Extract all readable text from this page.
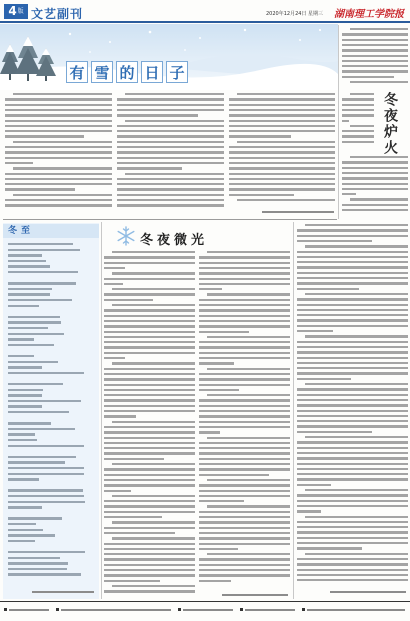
4 版 文艺副刊	2020年12月24日 星期三 湖南理工学院报
有 雪 的 日 子
冬夜炉火
冬至
冬夜微光
